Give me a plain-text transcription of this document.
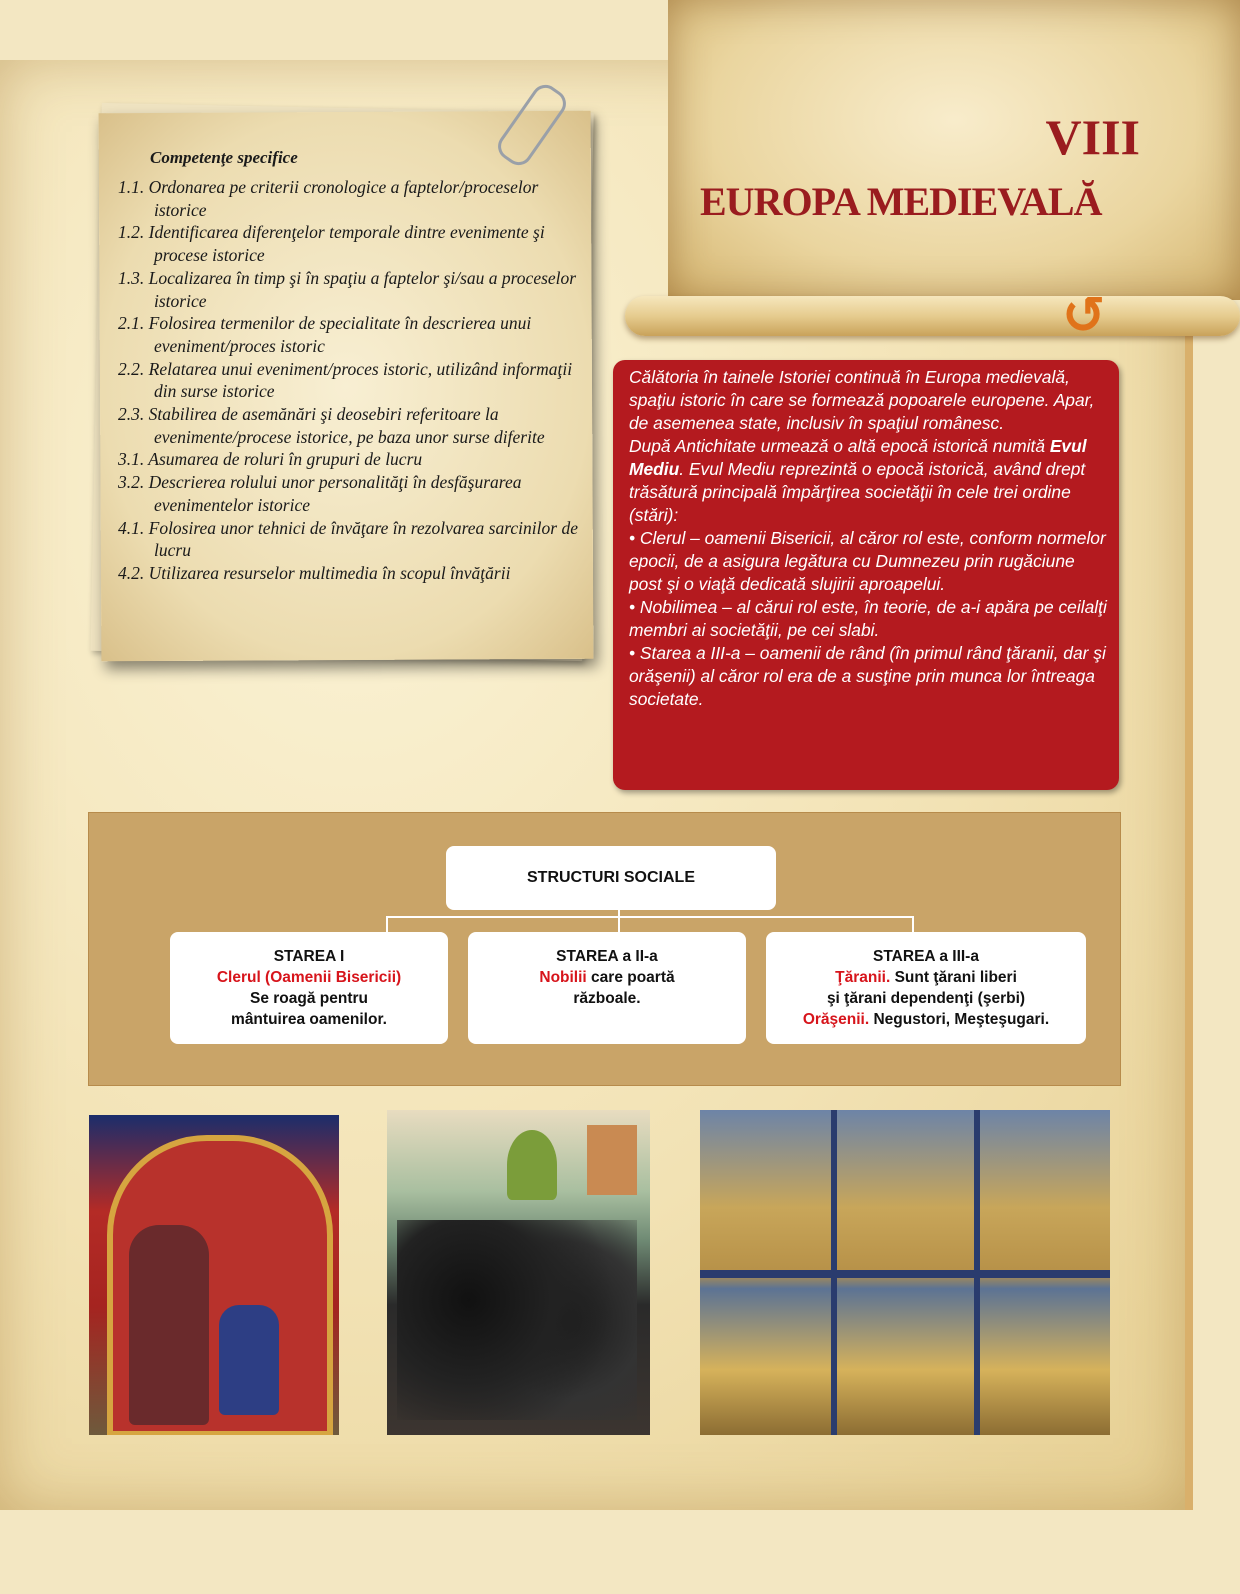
↺
VIII
EUROPA MEDIEVALĂ
Competenţe specifice
1.1. Ordonarea pe criterii cronologice a faptelor/proceselor istorice
1.2. Identificarea diferenţelor temporale dintre evenimente şi procese istorice
1.3. Localizarea în timp şi în spaţiu a faptelor şi/sau a proceselor istorice
2.1. Folosirea termenilor de specialitate în descrierea unui eveniment/proces istoric
2.2. Relatarea unui eveniment/proces istoric, utilizând informaţii din surse istorice
2.3. Stabilirea de asemănări şi deosebiri referitoare la evenimente/procese istorice, pe baza unor surse diferite
3.1. Asumarea de roluri în grupuri de lucru
3.2. Descrierea rolului unor personalităţi în desfăşurarea evenimentelor istorice
4.1. Folosirea unor tehnici de învăţare în rezolvarea sarcinilor de lucru
4.2. Utilizarea resurselor multimedia în scopul învăţării

Călătoria în tainele Istoriei continuă în Europa medievală, spaţiu istoric în care se formează popoarele europene. Apar, de asemenea state, inclusiv în spaţiul românesc.

După Antichitate urmează o altă epocă istorică numită Evul Mediu. Evul Mediu reprezintă o epocă istorică, având drept trăsătură principală împărţirea societăţii în cele trei ordine (stări):

• Clerul – oamenii Bisericii, al căror rol este, conform normelor epocii, de a asigura legătura cu Dumnezeu prin rugăciune post şi o viaţă dedicată slujirii aproapelui.

• Nobilimea – al cărui rol este, în teorie, de a-i apăra pe ceilalţi membri ai societăţii, pe cei slabi.

• Starea a III-a – oamenii de rând (în primul rând ţăranii, dar şi orăşenii) al căror rol era de a susţine prin munca lor întreaga societate.

STRUCTURI SOCIALE
STAREA I
Clerul (Oamenii Bisericii)
Se roagă pentru
mântuirea oamenilor.
STAREA a II-a
Nobilii care poartă
războale.
STAREA a III-a
Ţăranii. Sunt ţărani liberi
şi ţărani dependenţi (şerbi)
Orăşenii. Negustori, Meşteşugari.
